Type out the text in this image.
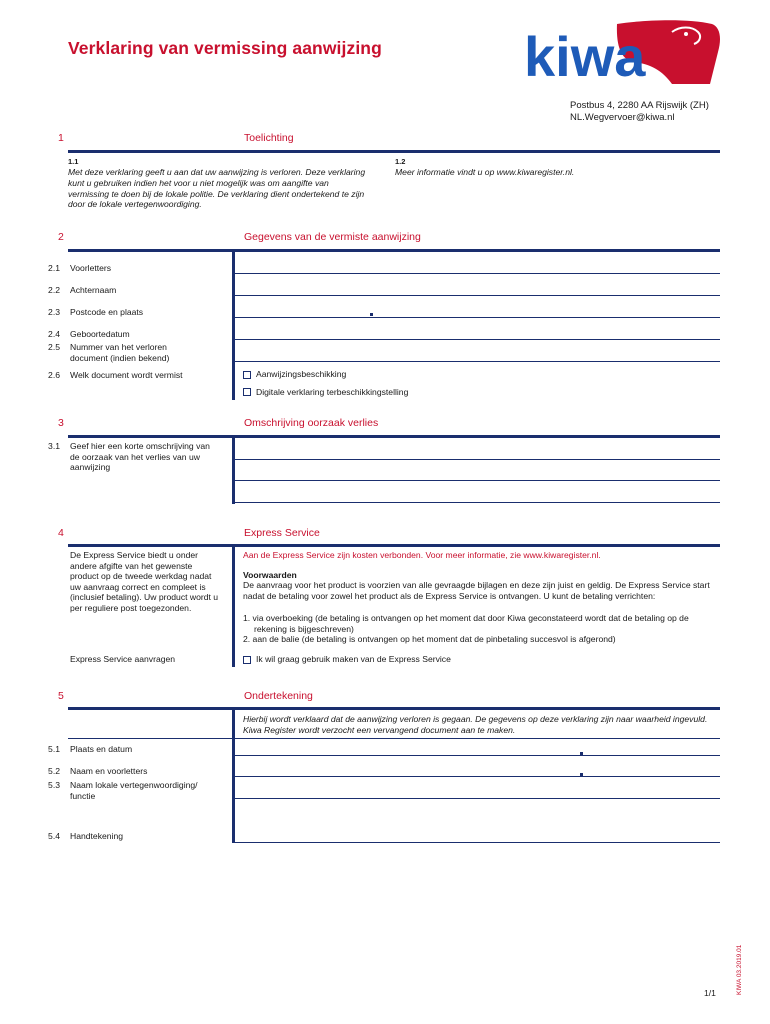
Verklaring van vermissing aanwijzing	kiwa
Postbus 4, 2280 AA Rijswijk (ZH)
NL.Wegvervoer@kiwa.nl
1	Toelichting
1.1
Met deze verklaring geeft u aan dat uw aanwijzing is verloren. Deze verklaring kunt u gebruiken indien het voor u niet mogelijk was om aangifte van vermissing te doen bij de lokale politie. De verklaring dient ondertekend te zijn door de lokale vertegenwoordiging.
1.2
Meer informatie vindt u op www.kiwaregister.nl.
2	Gegevens van de vermiste aanwijzing
2.1 Voorletters
2.2 Achternaam
2.3 Postcode en plaats
2.4 Geboortedatum
2.5 Nummer van het verloren document (indien bekend)
2.6 Welk document wordt vermist	Aanwijzingsbeschikking
Digitale verklaring terbeschikkingstelling
3	Omschrijving oorzaak verlies
3.1 Geef hier een korte omschrijving van de oorzaak van het verlies van uw aanwijzing
4	Express Service
De Express Service biedt u onder andere afgifte van het gewenste product op de tweede werkdag nadat uw aanvraag correct en compleet is (inclusief betaling). Uw product wordt u per reguliere post toegezonden.
Aan de Express Service zijn kosten verbonden. Voor meer informatie, zie www.kiwaregister.nl.
Voorwaarden
De aanvraag voor het product is voorzien van alle gevraagde bijlagen en deze zijn juist en geldig. De Express Service start nadat de betaling voor zowel het product als de Express Service is ontvangen. U kunt de betaling verrichten:
1. via overboeking (de betaling is ontvangen op het moment dat door Kiwa geconstateerd wordt dat de betaling op de rekening is bijgeschreven)
2. aan de balie (de betaling is ontvangen op het moment dat de pinbetaling succesvol is afgerond)
Express Service aanvragen	Ik wil graag gebruik maken van de Express Service
5	Ondertekening
Hierbij wordt verklaard dat de aanwijzing verloren is gegaan. De gegevens op deze verklaring zijn naar waarheid ingevuld. Kiwa Register wordt verzocht een vervangend document aan te maken.
5.1 Plaats en datum
5.2 Naam en voorletters
5.3 Naam lokale vertegenwoordiging/ functie
5.4 Handtekening
1/1	KIWA 03.2019.01
